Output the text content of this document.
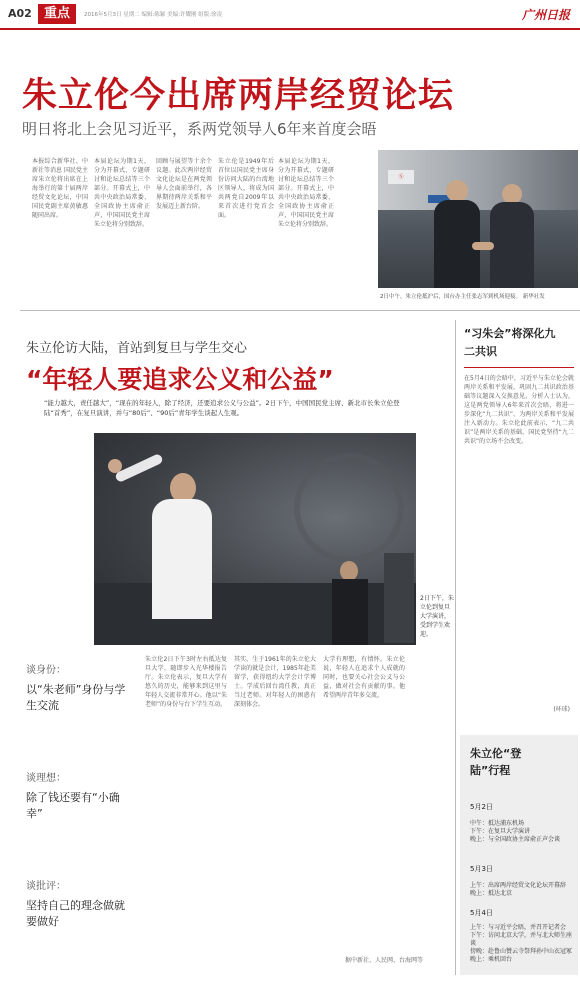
A02 重点	2016年5月3日 星期二 编辑:陈颖 美编:许耀刚 组版:徐凌	广州日报
朱立伦今出席两岸经贸论坛
明日将北上会见习近平，系两党领导人6年来首度会晤
本报综合新华社、中新社等消息 国民党主席朱立伦将出席在上海举行的第十届两岸经贸文化论坛，中国国民党副主席黄敏惠随同出席。
本届论坛为期1天，分为开幕式、专题研讨和论坛总结等三个部分。开幕式上，中共中央政治局常委、全国政协主席俞正声，中国国民党主席朱立伦将分别致辞。
回顾与展望等十余个议题。此次两岸经贸文化论坛是在两党领导人会面前举行，各界期待两岸关系和平发展迈上新台阶。
朱立伦是1949年后首位以国民党主席身份访问大陆的台湾地区领导人，将成为国共两党自2009年以来首次进行党首会面。
本届论坛为期1天，分为开幕式、专题研讨和论坛总结等三个部分。开幕式上，中共中央政治局常委、全国政协主席俞正声，中国国民党主席朱立伦将分别致辞。
Ⓢ
2日中午，朱立伦抵沪后，国台办主任张志军到机场迎接。 新华社发
朱立伦访大陆，首站到复旦与学生交心
“年轻人要追求公义和公益”
“能力越大，责任越大”，“现在的年轻人，除了经济，还要追求公义与公益”。2日下午，中国国民党主席、新北市长朱立伦登陆“首秀”，在复旦演讲，并与“80后”、“90后”青年学生谈起人生观。
2日下午，朱立伦到复旦大学演讲，受到学生欢迎。
谈身份：
以“朱老师”身份与学生交流
谈理想：
除了钱还要有“小确幸”
谈批评：
坚持自己的理念做就要做好
朱立伦2日下午3时左右抵达复旦大学，随即步入光华楼报告厅。朱立伦表示，复旦大学有悠久的历史，能够来到这里与年轻人交流非常开心。他以“朱老师”的身份与台下学生互动。
其实，生于1961年的朱立伦大学读的就是会计，1985年赴美留学，获得纽约大学会计学博士。学成后回台湾任教，真正当过老师。对年轻人的困惑有深刻体会。
大学有理想，有情怀。朱立伦说，年轻人在追求个人成就的同时，也要关心社会公义与公益，做对社会有贡献的事。他希望两岸青年多交流。
据中新社、人民网、台海网等
“习朱会”将深化九二共识
在5月4日的会晤中，习近平与朱立伦会就两岸关系和平发展、巩固九二共识政治基础等议题深入交换意见。分析人士认为，这是两党领导人6年来首次会晤，将进一步深化“九二共识”，为两岸关系和平发展注入新动力。朱立伦此前表示，“九二共识”是两岸关系的基础，国民党坚持“九二共识”的立场不会改变。
(环球)
朱立伦“登陆”行程
5月2日
中午：抵达浦东机场
下午：在复旦大学演讲
晚上：与全国政协主席俞正声会谈
5月3日
上午：出席两岸经贸文化论坛开幕辞
晚上：抵达北京
5月4日
上午：与习近平会晤，并召开记者会
下午：访问北京大学，并与北大师生座谈
傍晚：赴鲁山赞云寺祭拜孙中山衣冠冢
晚上：乘机回台
